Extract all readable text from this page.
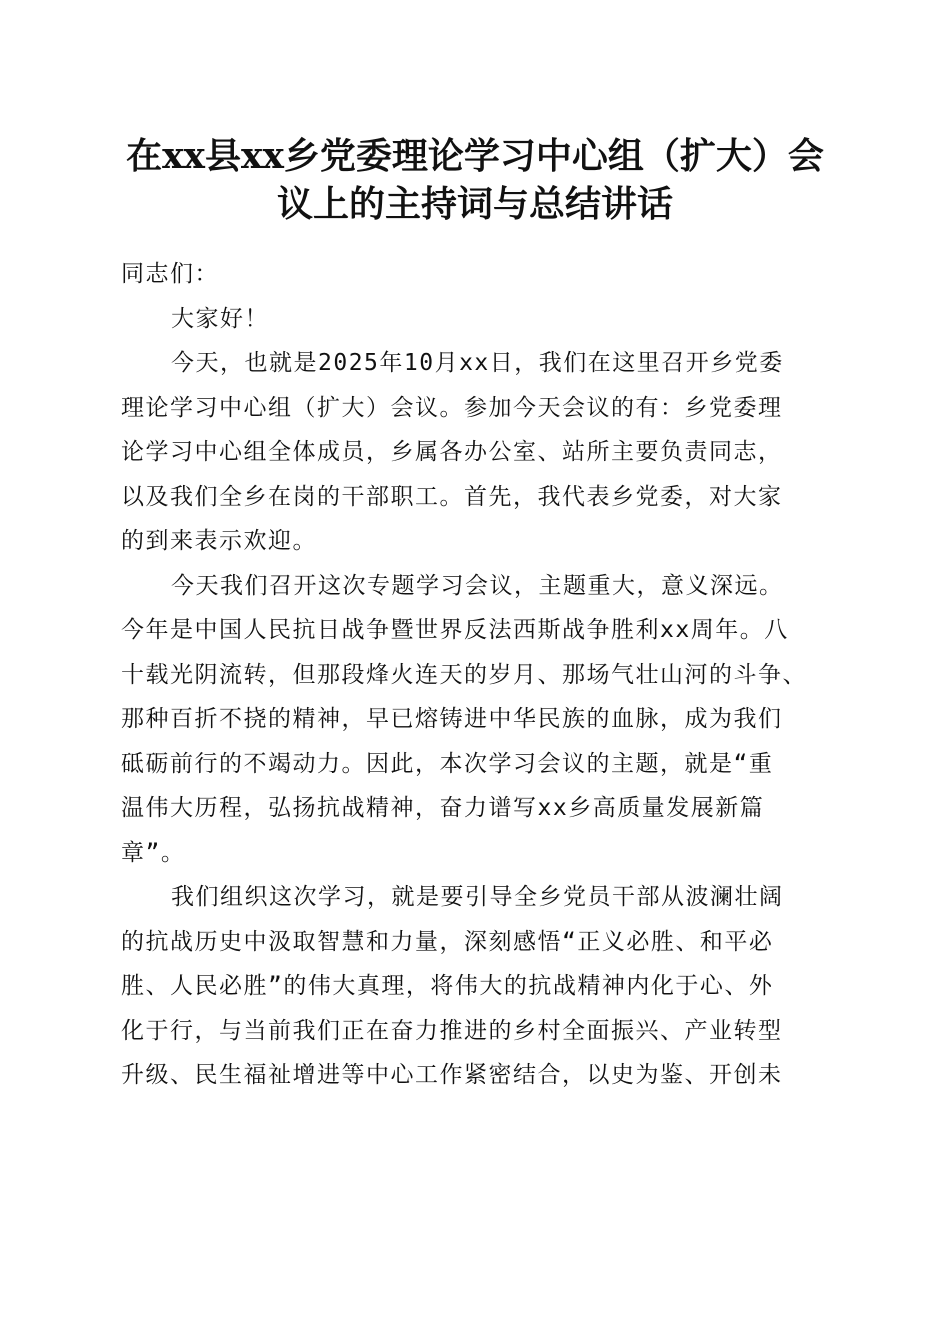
在xx县xx乡党委理论学习中心组（扩大）会
议上的主持词与总结讲话
同志们：
大家好！
今天，也就是2025年10月xx日，我们在这里召开乡党委
理论学习中心组（扩大）会议。参加今天会议的有：乡党委理
论学习中心组全体成员，乡属各办公室、站所主要负责同志，
以及我们全乡在岗的干部职工。首先，我代表乡党委，对大家
的到来表示欢迎。
今天我们召开这次专题学习会议，主题重大，意义深远。
今年是中国人民抗日战争暨世界反法西斯战争胜利xx周年。八
十载光阴流转，但那段烽火连天的岁月、那场气壮山河的斗争、
那种百折不挠的精神，早已熔铸进中华民族的血脉，成为我们
砥砺前行的不竭动力。因此，本次学习会议的主题，就是“重
温伟大历程，弘扬抗战精神，奋力谱写xx乡高质量发展新篇
章”。
我们组织这次学习，就是要引导全乡党员干部从波澜壮阔
的抗战历史中汲取智慧和力量，深刻感悟“正义必胜、和平必
胜、人民必胜”的伟大真理，将伟大的抗战精神内化于心、外
化于行，与当前我们正在奋力推进的乡村全面振兴、产业转型
升级、民生福祉增进等中心工作紧密结合，以史为鉴、开创未
